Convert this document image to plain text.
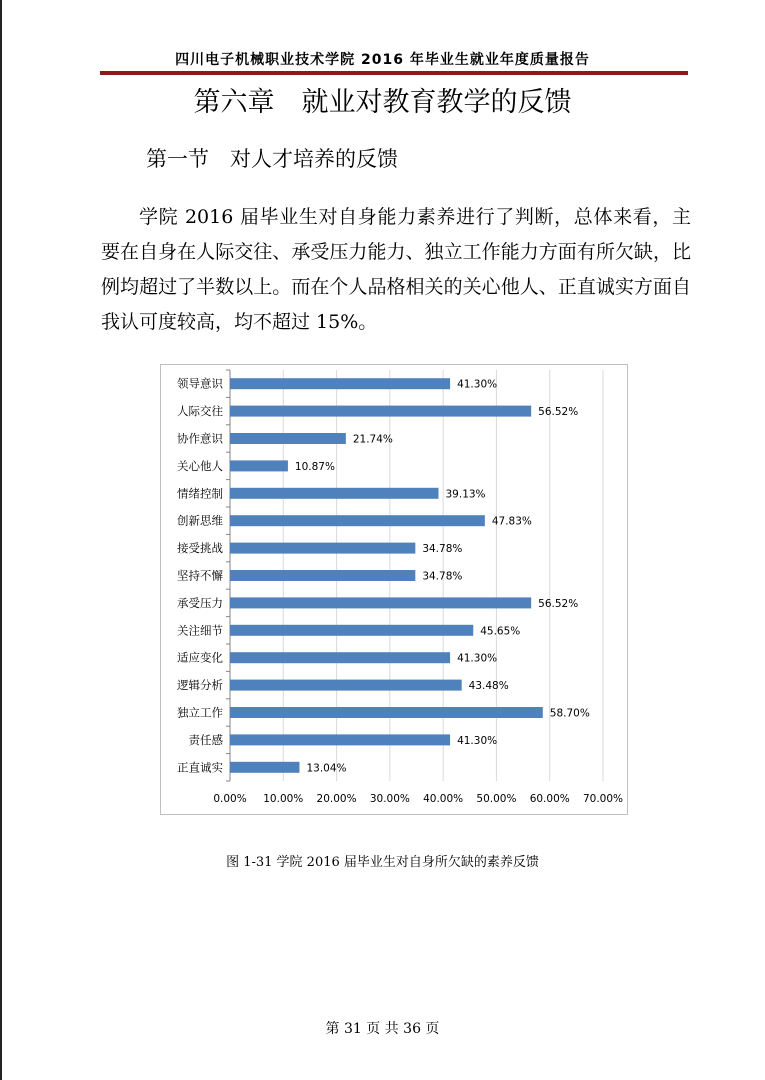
四川电子机械职业技术学院 2016 年毕业生就业年度质量报告
第六章　就业对教育教学的反馈
第一节　对人才培养的反馈
学院 2016 届毕业生对自身能力素养进行了判断，总体来看，主要在自身在人际交往、承受压力能力、独立工作能力方面有所欠缺，比例均超过了半数以上。而在个人品格相关的关心他人、正直诚实方面自我认可度较高，均不超过 15%。
0.00% 10.00% 20.00% 30.00% 40.00% 50.00% 60.00% 70.00%
领导意识	41.30%
人际交往	56.52%
协作意识	21.74%
关心他人	10.87%
情绪控制	39.13%
创新思维	47.83%
接受挑战	34.78%
坚持不懈	34.78%
承受压力	56.52%
关注细节	45.65%
适应变化	41.30%
逻辑分析	43.48%
独立工作	58.70%
责任感	41.30%
正直诚实	13.04%
图 1-31 学院 2016 届毕业生对自身所欠缺的素养反馈
第 31 页 共 36 页
